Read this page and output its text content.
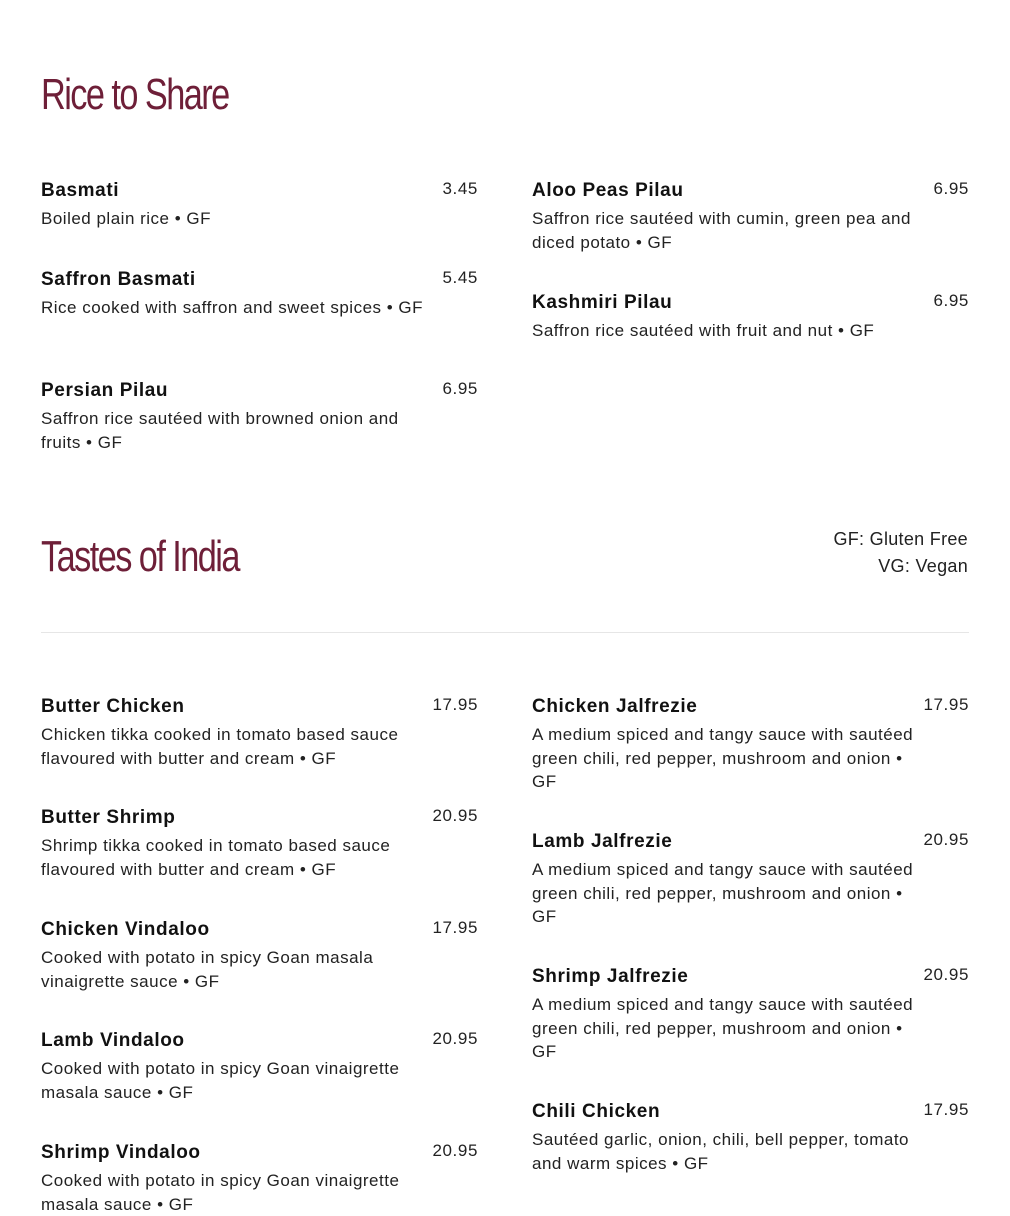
Rice to Share
Basmati	3.45
Boiled plain rice • GF
Saffron Basmati	5.45
Rice cooked with saffron and sweet spices • GF
Persian Pilau	6.95
Saffron rice sautéed with browned onion and fruits • GF
Aloo Peas Pilau	6.95
Saffron rice sautéed with cumin, green pea and diced potato • GF
Kashmiri Pilau	6.95
Saffron rice sautéed with fruit and nut • GF
Tastes of India	GF: Gluten Free
VG: Vegan
Butter Chicken	17.95
Chicken tikka cooked in tomato based sauce flavoured with butter and cream • GF
Butter Shrimp	20.95
Shrimp tikka cooked in tomato based sauce flavoured with butter and cream • GF
Chicken Vindaloo	17.95
Cooked with potato in spicy Goan masala vinaigrette sauce • GF
Lamb Vindaloo	20.95
Cooked with potato in spicy Goan vinaigrette masala sauce • GF
Shrimp Vindaloo	20.95
Cooked with potato in spicy Goan vinaigrette masala sauce • GF
Chicken Jalfrezie	17.95
A medium spiced and tangy sauce with sautéed green chili, red pepper, mushroom and onion • GF
Lamb Jalfrezie	20.95
A medium spiced and tangy sauce with sautéed green chili, red pepper, mushroom and onion • GF
Shrimp Jalfrezie	20.95
A medium spiced and tangy sauce with sautéed green chili, red pepper, mushroom and onion • GF
Chili Chicken	17.95
Sautéed garlic, onion, chili, bell pepper, tomato and warm spices • GF
